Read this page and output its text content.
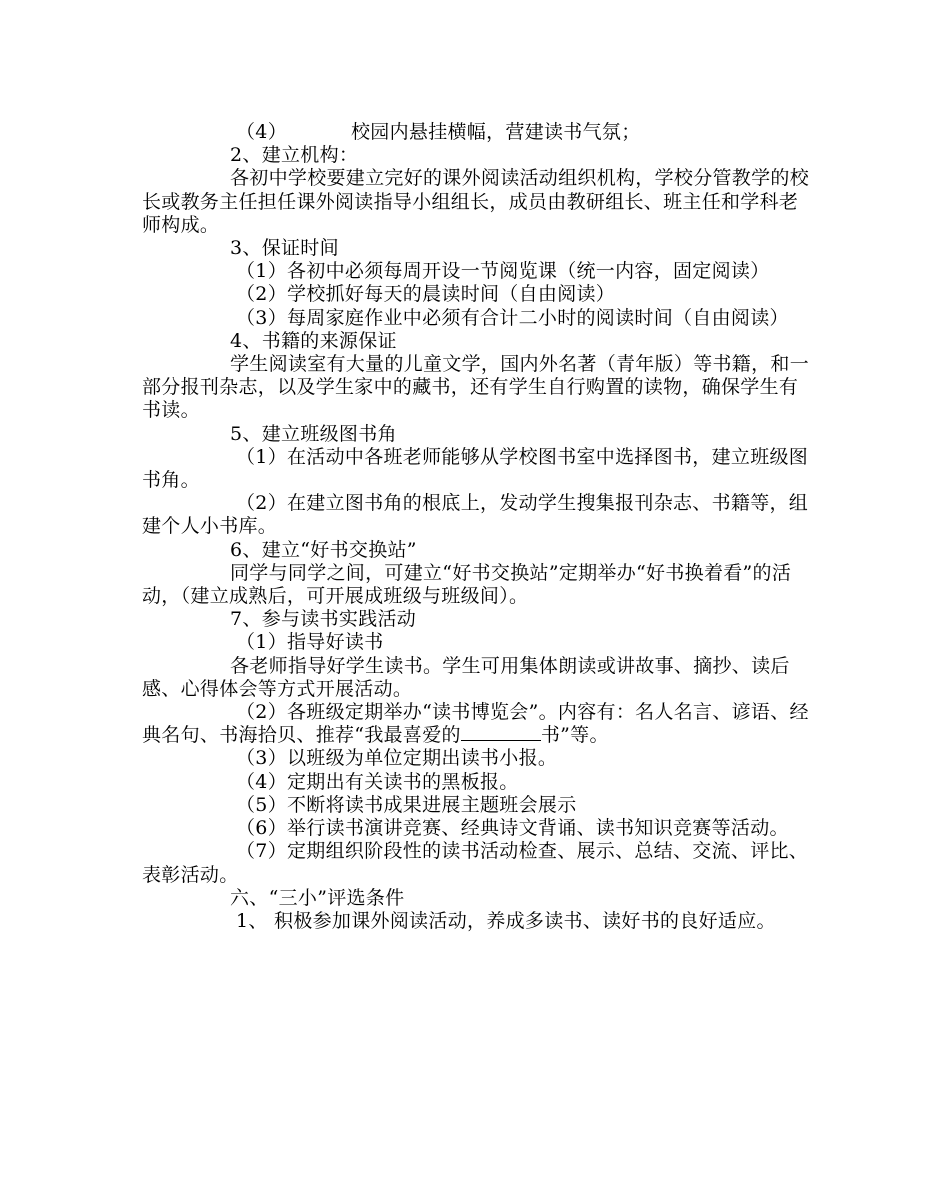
（4）	校园内悬挂横幅，营建读书气氛；

2、建立机构：

各初中学校要建立完好的课外阅读活动组织机构，学校分管教学的校长或教务主任担任课外阅读指导小组组长，成员由教研组长、班主任和学科老师构成。

3、保证时间

（1）各初中必须每周开设一节阅览课（统一内容，固定阅读）

（2）学校抓好每天的晨读时间（自由阅读）

（3）每周家庭作业中必须有合计二小时的阅读时间（自由阅读）

4、书籍的来源保证

学生阅读室有大量的儿童文学，国内外名著（青年版）等书籍，和一部分报刊杂志，以及学生家中的藏书，还有学生自行购置的读物，确保学生有书读。

5、建立班级图书角

（1）在活动中各班老师能够从学校图书室中选择图书，建立班级图书角。

（2）在建立图书角的根底上，发动学生搜集报刊杂志、书籍等，组建个人小书库。

6、建立“好书交换站”

同学与同学之间，可建立“好书交换站”定期举办“好书换着看”的活动，（建立成熟后，可开展成班级与班级间）。

7、参与读书实践活动

（1）指导好读书

各老师指导好学生读书。学生可用集体朗读或讲故事、摘抄、读后感、心得体会等方式开展活动。

（2）各班级定期举办“读书博览会”。内容有：名人名言、谚语、经典名句、书海拾贝、推荐“我最喜爱的	书”等。

（3）以班级为单位定期出读书小报。

（4）定期出有关读书的黑板报。

（5）不断将读书成果进展主题班会展示

（6）举行读书演讲竞赛、经典诗文背诵、读书知识竞赛等活动。

（7）定期组织阶段性的读书活动检查、展示、总结、交流、评比、表彰活动。

六、“三小”评选条件

1、 积极参加课外阅读活动，养成多读书、读好书的良好适应。
